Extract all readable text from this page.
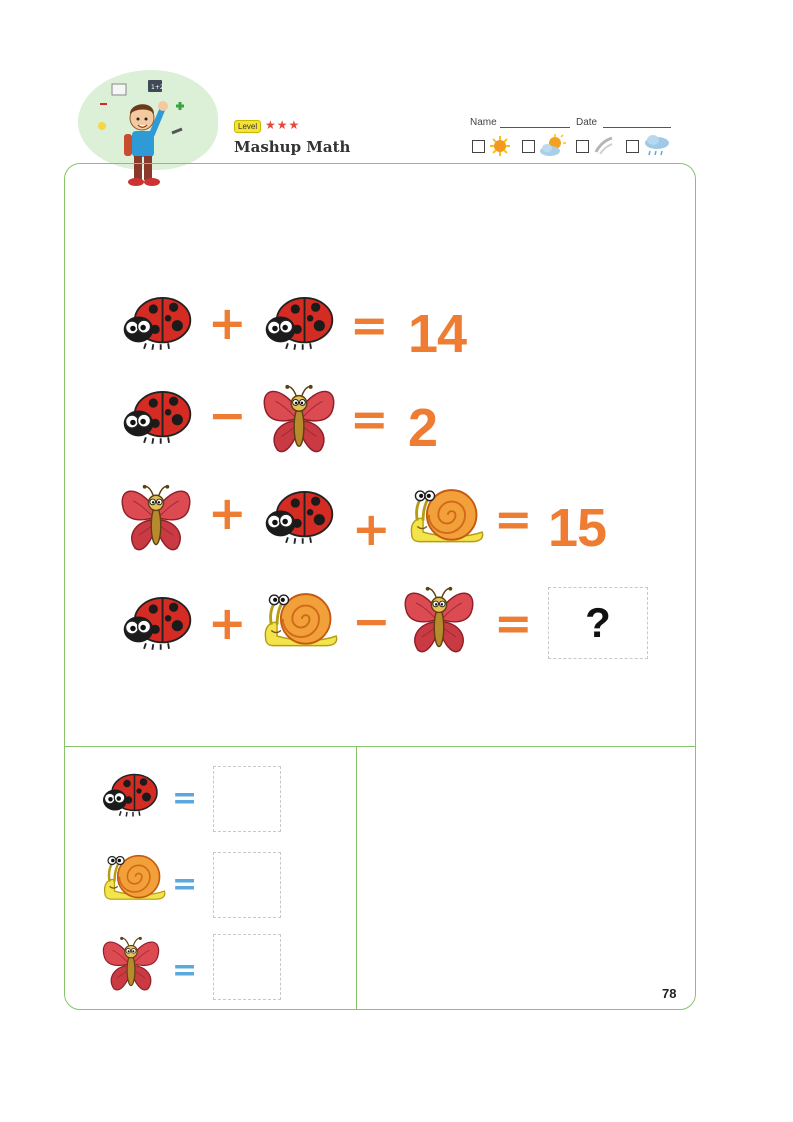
1+2
Level ★★★
Mashup Math
Name	Date
+ = 14
− = 2
+ + = 15
+ − = ?
=
=
=
78
